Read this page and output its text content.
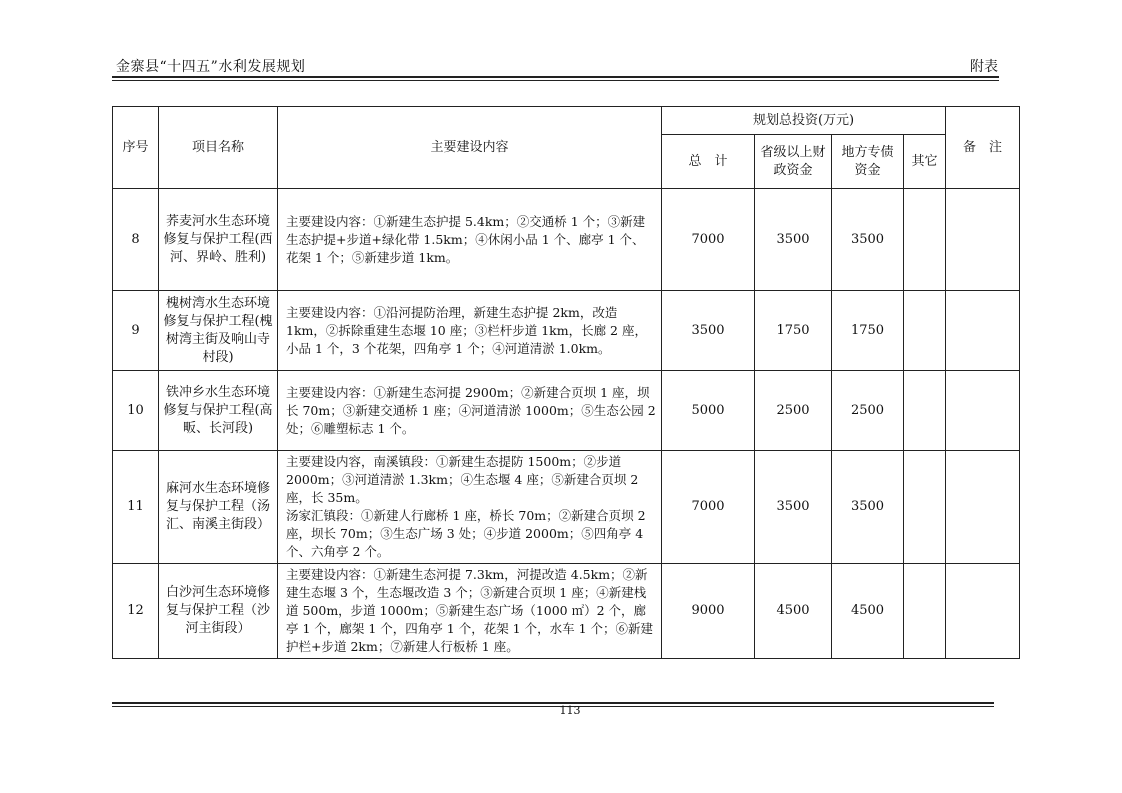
金寨县“十四五”水利发展规划	附表
序号	项目名称	主要建设内容	规划总投资(万元)				备　注
			总　计	省级以上财政资金	地方专债资金	其它	
8	荞麦河水生态环境修复与保护工程(西河、界岭、胜利)	主要建设内容：①新建生态护提 5.4km；②交通桥 1 个；③新建生态护提+步道+绿化带 1.5km；④休闲小品 1 个、廊亭 1 个、花架 1 个；⑤新建步道 1km。	7000	3500	3500		
9	槐树湾水生态环境修复与保护工程(槐树湾主街及响山寺村段)	主要建设内容：①沿河提防治理，新建生态护提 2km，改造 1km，②拆除重建生态堰 10 座；③栏杆步道 1km，长廊 2 座，小品 1 个，3 个花架，四角亭 1 个；④河道清淤 1.0km。	3500	1750	1750		
10	铁冲乡水生态环境修复与保护工程(高畈、长河段)	主要建设内容：①新建生态河提 2900m；②新建合页坝 1 座，坝长 70m；③新建交通桥 1 座；④河道清淤 1000m；⑤生态公园 2 处；⑥雕塑标志 1 个。	5000	2500	2500		
11	麻河水生态环境修复与保护工程（汤汇、南溪主街段）	主要建设内容，南溪镇段：①新建生态提防 1500m；②步道 2000m；③河道清淤 1.3km；④生态堰 4 座；⑤新建合页坝 2 座，长 35m。
汤家汇镇段：①新建人行廊桥 1 座，桥长 70m；②新建合页坝 2 座，坝长 70m；③生态广场 3 处；④步道 2000m；⑤四角亭 4 个、六角亭 2 个。	7000	3500	3500		
12	白沙河生态环境修复与保护工程（沙河主街段）	主要建设内容：①新建生态河提 7.3km，河提改造 4.5km；②新建生态堰 3 个，生态堰改造 3 个；③新建合页坝 1 座；④新建栈道 500m，步道 1000m；⑤新建生态广场（1000 ㎡）2 个，廊亭 1 个，廊架 1 个，四角亭 1 个，花架 1 个，水车 1 个；⑥新建护栏+步道 2km；⑦新建人行板桥 1 座。	9000	4500	4500		
113
